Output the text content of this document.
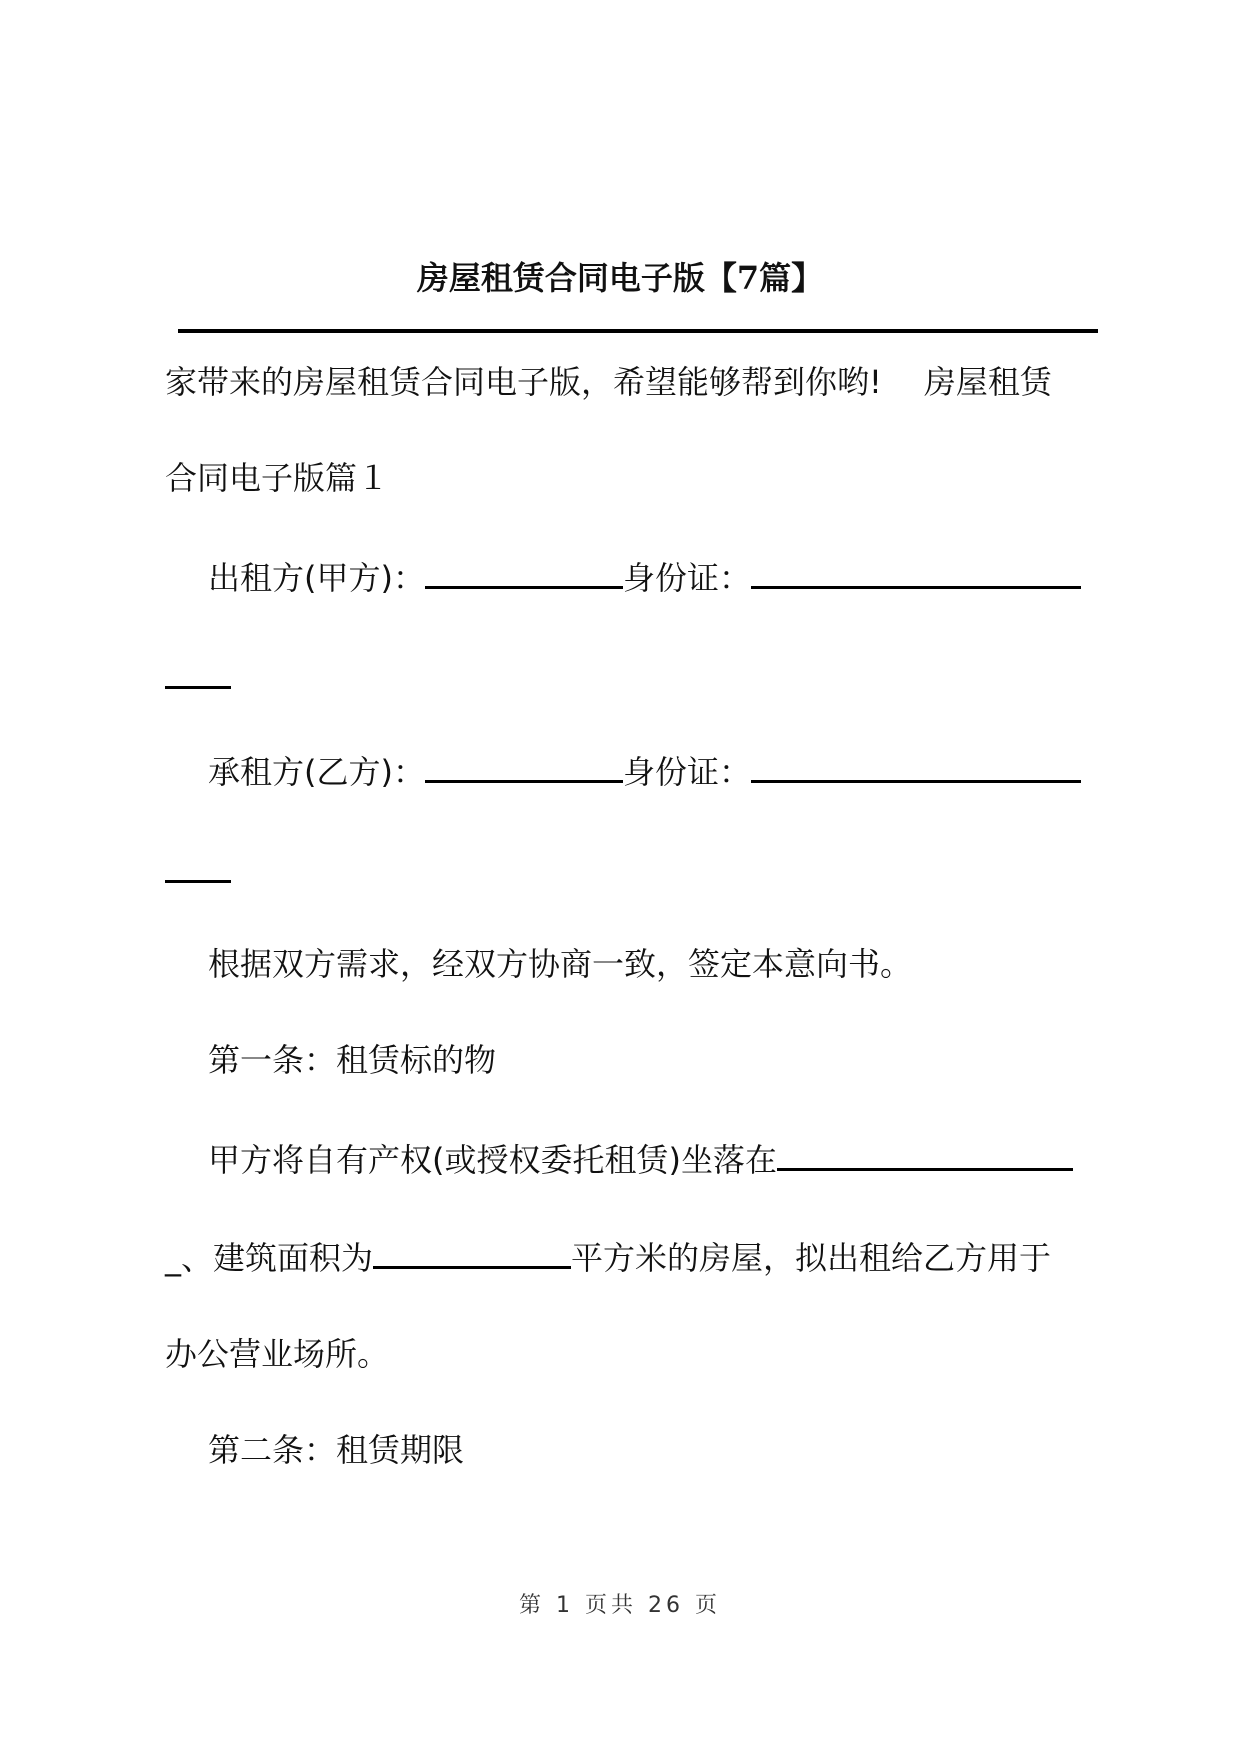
房屋租赁合同电子版【7篇】
家带来的房屋租赁合同电子版，希望能够帮到你哟! 房屋租赁
合同电子版篇１
出租方(甲方)：	身份证：
承租方(乙方)：	身份证：
根据双方需求，经双方协商一致，签定本意向书。
第一条：租赁标的物
甲方将自有产权(或授权委托租赁)坐落在
_、建筑面积为	平方米的房屋，拟出租给乙方用于
办公营业场所。
第二条：租赁期限
第 1 页共 26 页
